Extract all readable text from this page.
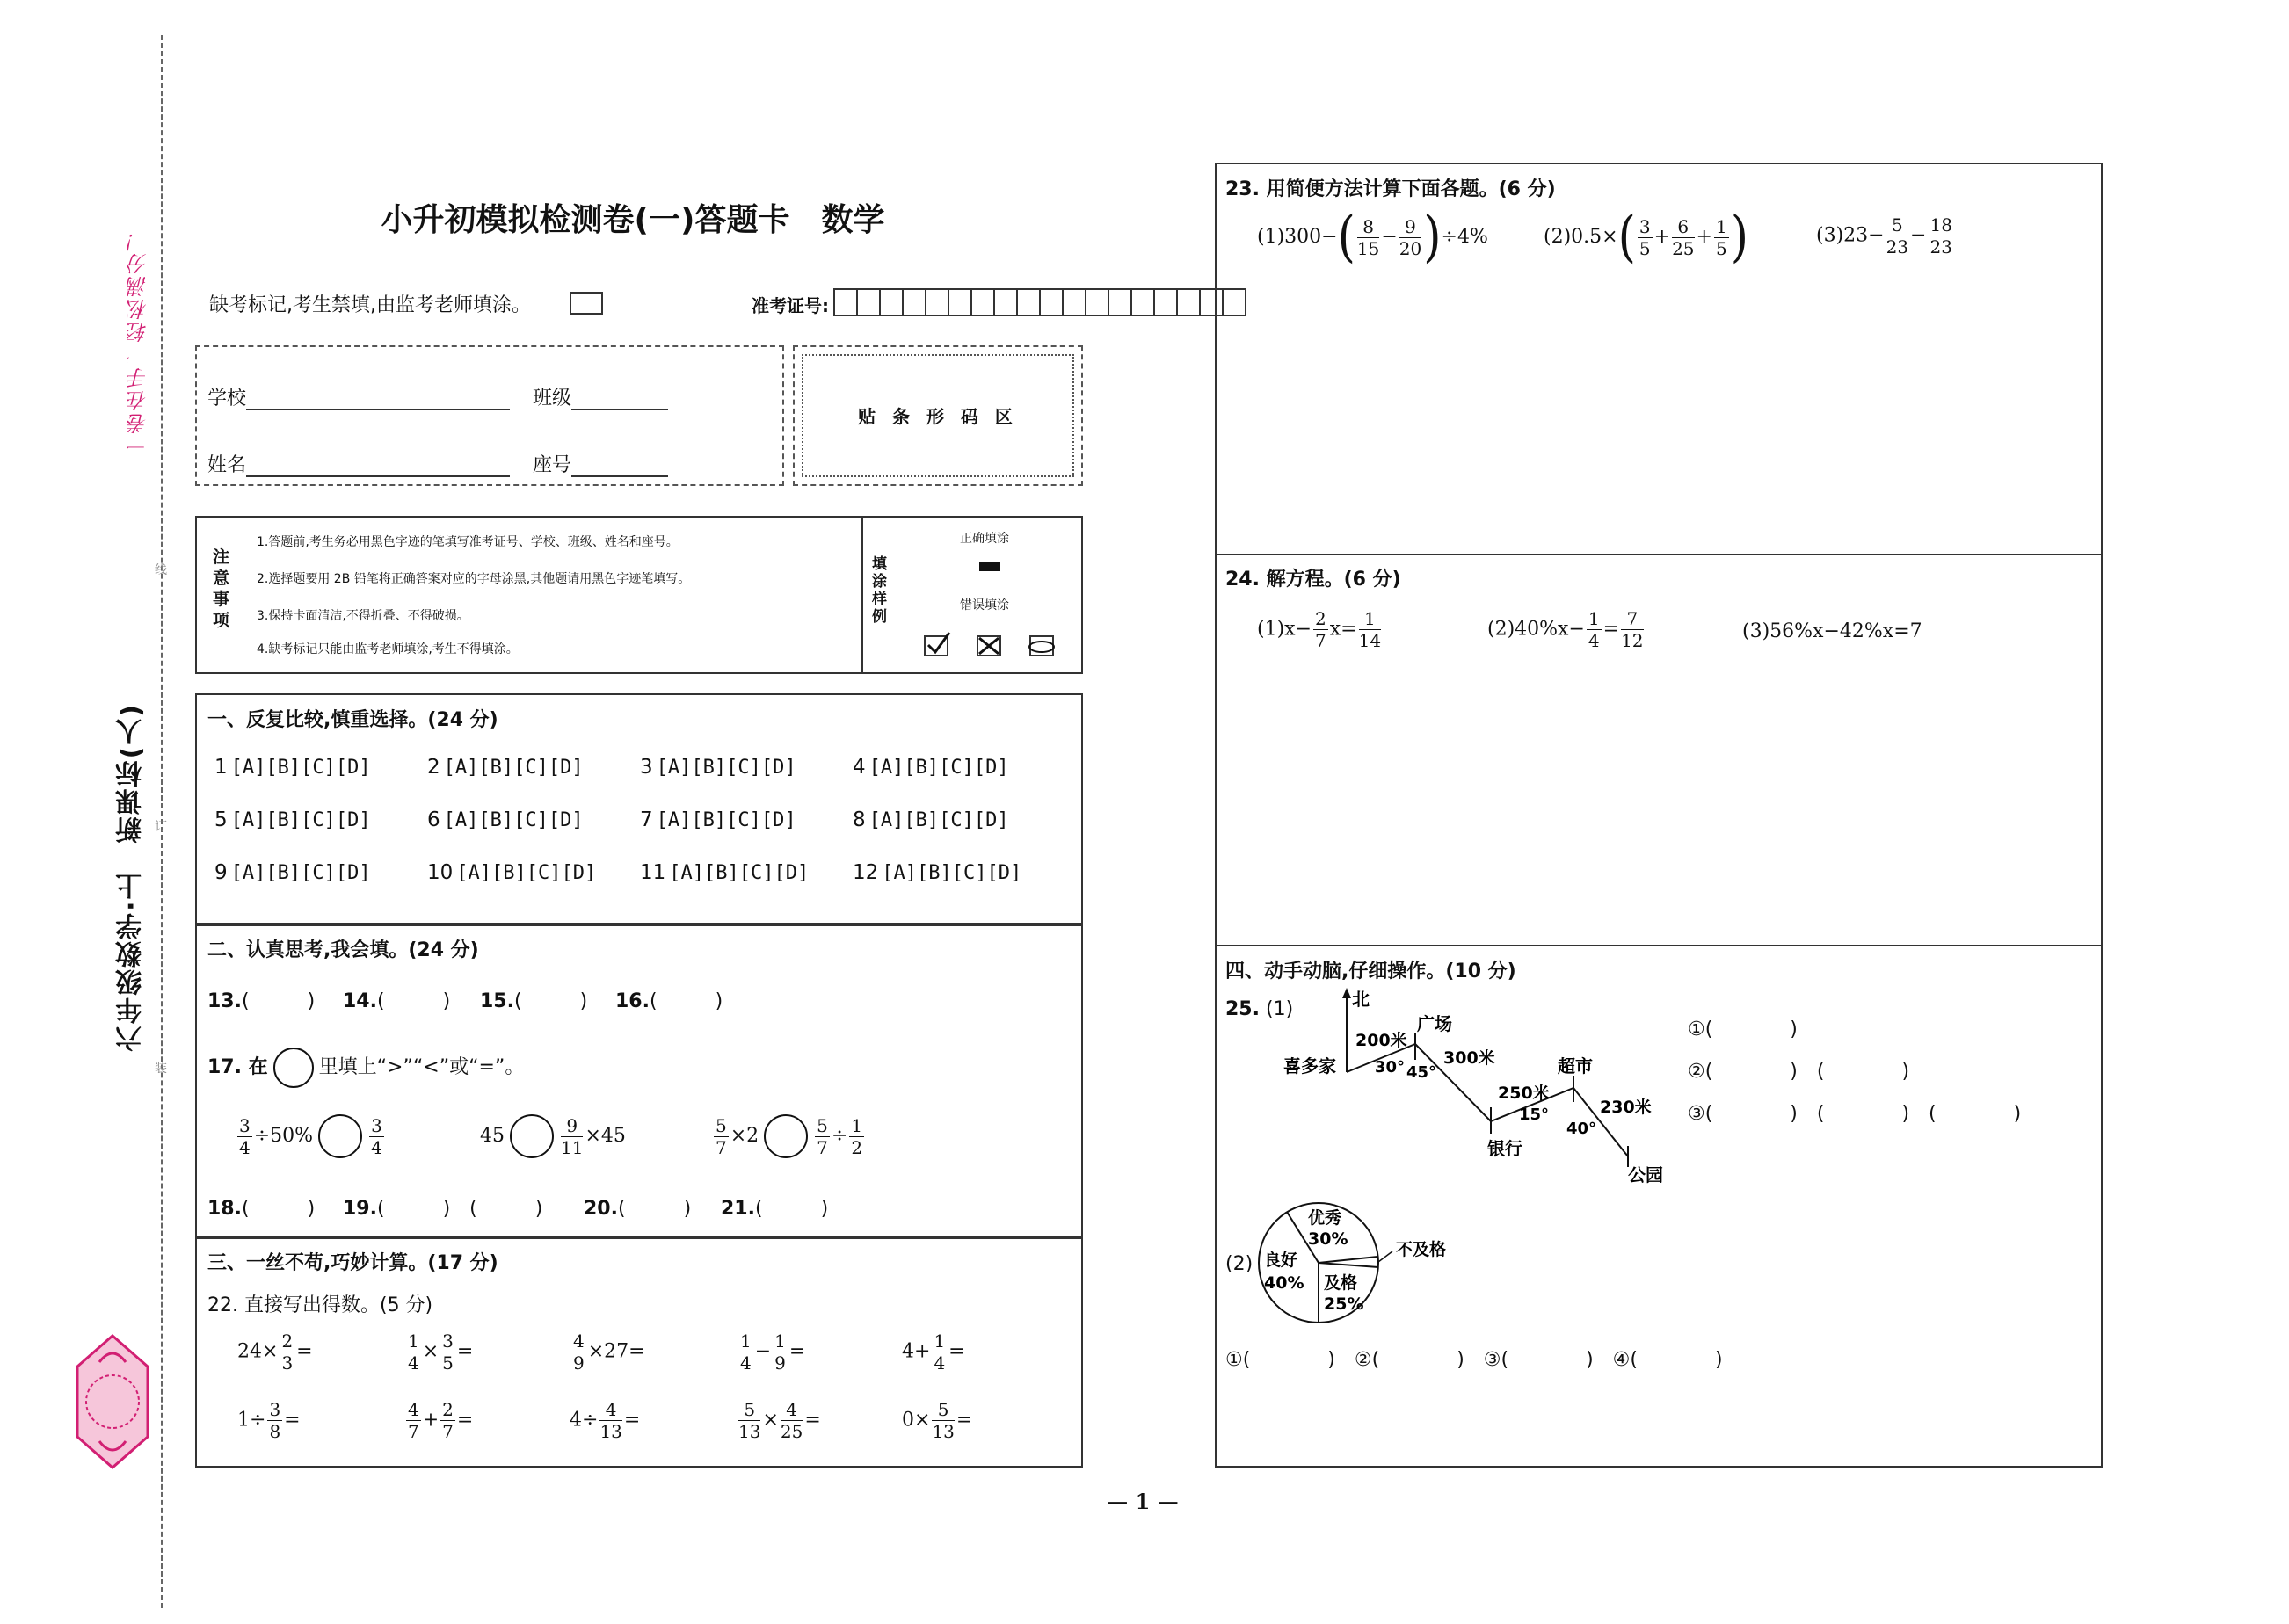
一卷在手，轻松满分！
六年级数学·上　新课标(人)
线
订
装
小升初模拟检测卷(一)答题卡　数学
缺考标记,考生禁填,由监考老师填涂。	准考证号:
学校	班级
姓名	座号
贴 条 形 码 区
注意事项
1.答题前,考生务必用黑色字迹的笔填写准考证号、学校、班级、姓名和座号。
2.选择题要用 2B 铅笔将正确答案对应的字母涂黑,其他题请用黑色字迹笔填写。
3.保持卡面清洁,不得折叠、不得破损。
4.缺考标记只能由监考老师填涂,考生不得填涂。
填涂样例
正确填涂
错误填涂
一、反复比较,慎重选择。(24 分)
1 [A][B][C][D]	2 [A][B][C][D]	3 [A][B][C][D]	4 [A][B][C][D]
5 [A][B][C][D]	6 [A][B][C][D]	7 [A][B][C][D]	8 [A][B][C][D]
9 [A][B][C][D]	10 [A][B][C][D] 11 [A][B][C][D] 12 [A][B][C][D]
二、认真思考,我会填。(24 分)
13.(　　　) 14.(　　　) 15.(　　　) 16.(　　　)
17. 在	里填上“>”“<”或“=”。
$\frac{3}{4} \div 50\%$	$\frac{3}{4}$	45	$\frac{9}{11} \times 45$	$\frac{5}{7} \times 2$	$\frac{5}{7} \div \frac{1}{2}$
18.(　　　) 19.(　　　)　(　　　) 20.(　　　) 21.(　　　)
三、一丝不苟,巧妙计算。(17 分)
22. 直接写出得数。(5 分)
$24\times \frac{2}{3}$ =	$\frac{1}{4} \times \frac{3}{5}$ =	$\frac{4}{9} \times 27=$	$\frac{1}{4} - \frac{1}{9}$ =	$4+ \frac{1}{4}$ =
$1\div \frac{3}{8}$ =	$\frac{4}{7} + \frac{2}{7}$ =	$4\div \frac{4}{13}$ =	$\frac{5}{13} \times \frac{4}{25}$ =	$0\times \frac{5}{13}$ =
23. 用简便方法计算下面各题。(6 分)
$(1)300-( \frac{8}{15} - \frac{9}{20} )\div 4\%$	$(2)0.5\times( \frac{3}{5} + \frac{6}{25} + \frac{1}{5}$ )	$(3)23- \frac{5}{23} - \frac{18}{23}$
24. 解方程。(6 分)
$(1)x- \frac{2}{7} x= \frac{1}{14}$	$(2)40\%x- \frac{1}{4} = \frac{7}{12}$	(3)56%x−42%x=7
四、动手动脑,仔细操作。(10 分)
25. (1)	北
喜多家
广场
银行
超市
公园
200米
300米
250米
230米
30° 45°
15°
40°
①(　　　　)
②(　　　　)　(　　　　)
③(　　　　)　(　　　　)　(　　　　)
(2)
优秀
30%
良好
40% 及格
25%
不及格
①(　　　　)　②(　　　　)　③(　　　　)　④(　　　　)
— 1 —
